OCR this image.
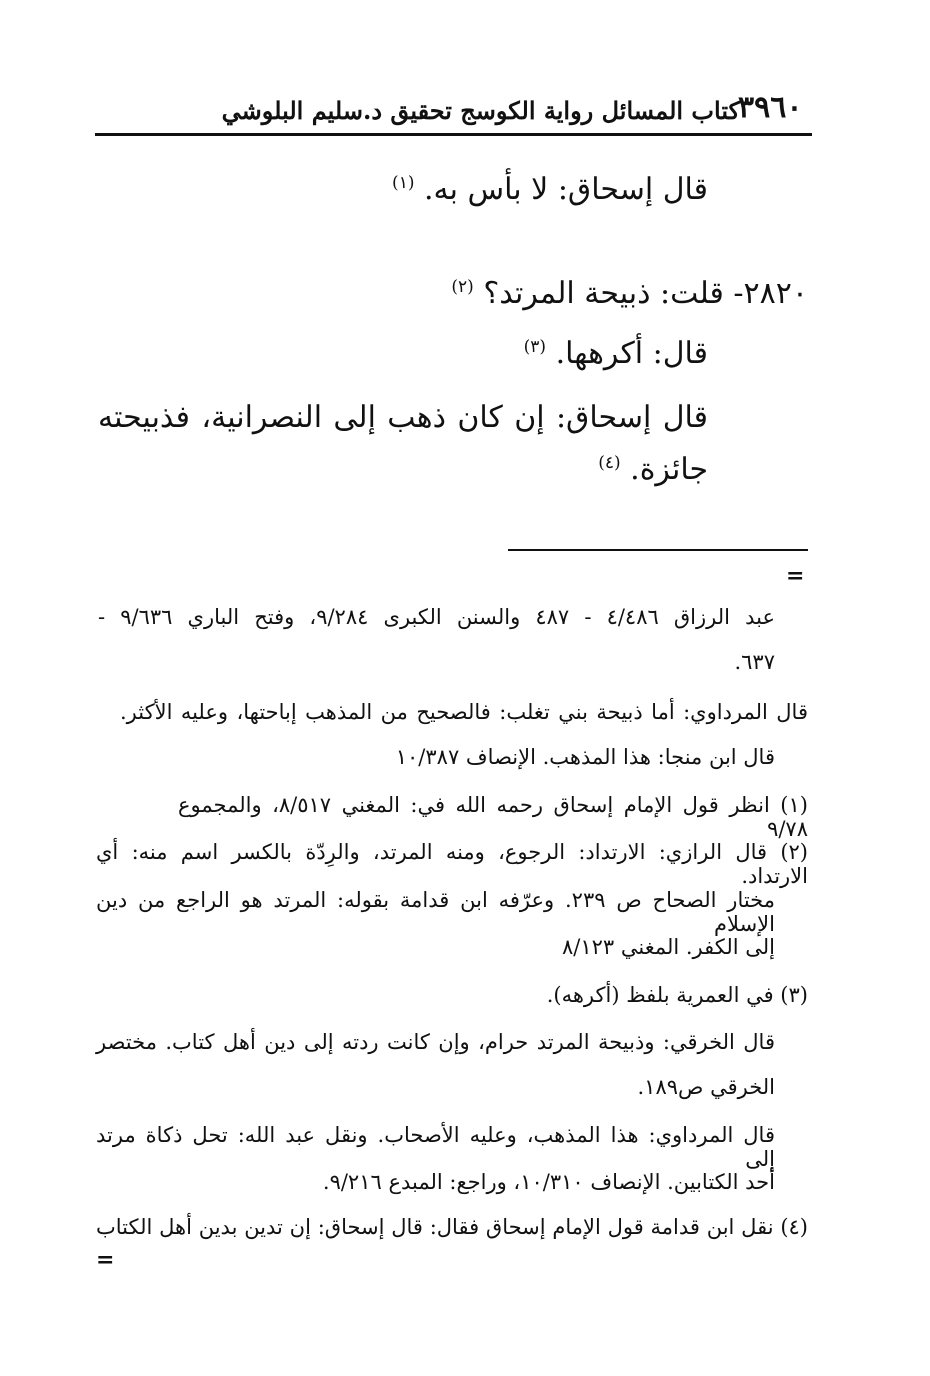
كتاب المسائل رواية الكوسج تحقيق د.سليم البلوشي
٣٩٦٠
قال إسحاق: لا بأس به. $^{(١)}$
٢٨٢٠- قلت: ذبيحة المرتد؟ $^{(٢)}$
قال: أكرهها. $^{(٣)}$
قال
إسحاق:
إن
كان
ذهب
إلى
النصرانية،
فذبيحته
جائزة. $^{(٤)}$
=
عبد الرزاق ٤/٤٨٦ - ٤٨٧ والسنن الكبرى ٩/٢٨٤، وفتح الباري ٩/٦٣٦ -
٦٣٧.
قال المرداوي: أما ذبيحة بني تغلب: فالصحيح من المذهب إباحتها، وعليه الأكثر.
قال ابن منجا: هذا المذهب. الإنصاف ١٠/٣٨٧
(١) انظر قول الإمام إسحاق رحمه الله في: المغني ٨/٥١٧، والمجموع ٩/٧٨
(٢) قال الرازي: الارتداد: الرجوع، ومنه المرتد، والرِدّة بالكسر اسم منه: أي الارتداد.
مختار الصحاح ص ٢٣٩. وعرّفه ابن قدامة بقوله: المرتد هو الراجع من دين الإسلام
إلى الكفر. المغني ٨/١٢٣
(٣) في العمرية بلفظ (أكرهه).
قال الخرقي: وذبيحة المرتد حرام، وإن كانت ردته إلى دين أهل كتاب. مختصر
الخرقي ص١٨٩.
قال المرداوي: هذا المذهب، وعليه الأصحاب. ونقل عبد الله: تحل ذكاة مرتد إلى
أحد الكتابين. الإنصاف ١٠/٣١٠، وراجع: المبدع ٩/٢١٦.
(٤) نقل ابن قدامة قول الإمام إسحاق فقال: قال إسحاق: إن تدين بدين أهل الكتاب
=
